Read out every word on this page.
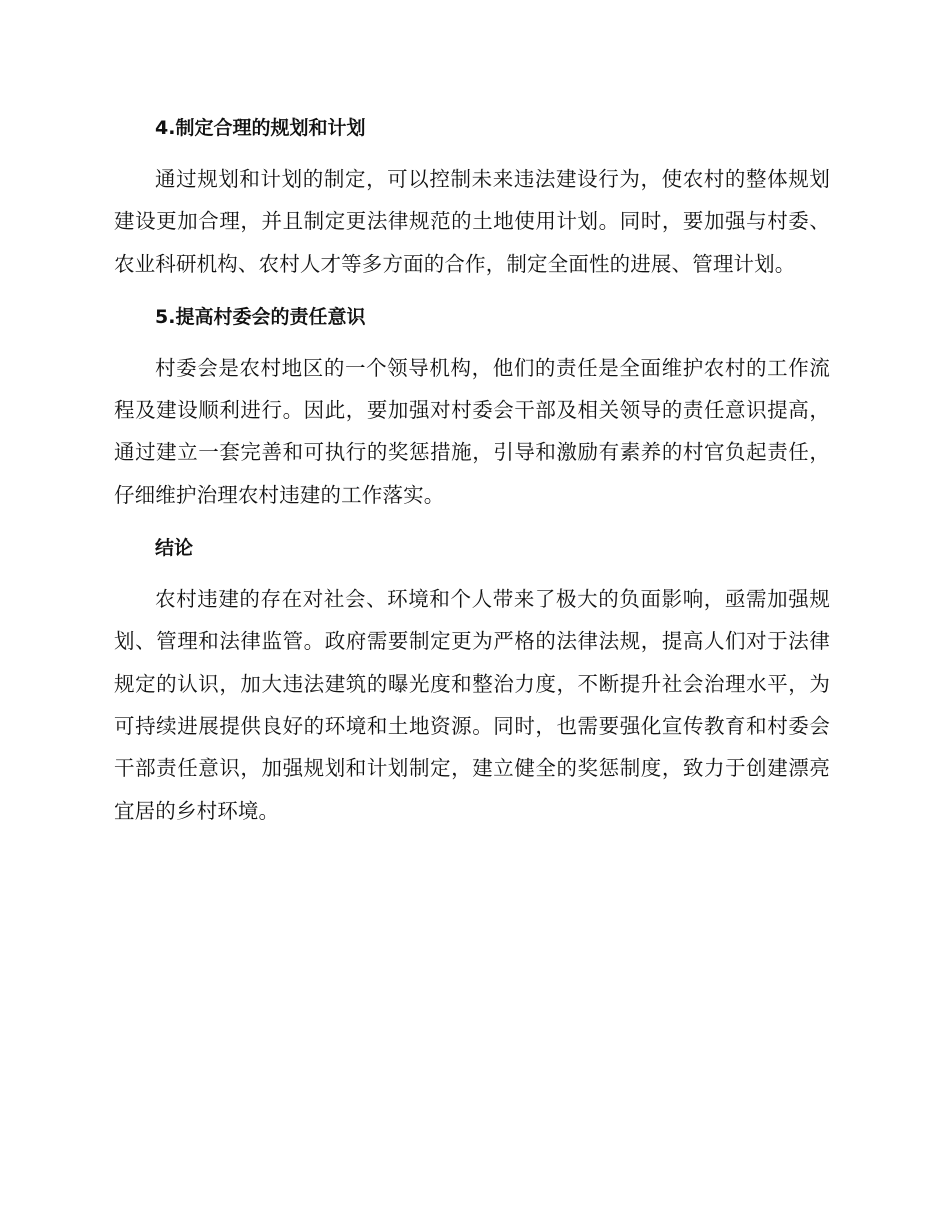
4.制定合理的规划和计划

通过规划和计划的制定，可以控制未来违法建设行为，使农村的整体规划建设更加合理，并且制定更法律规范的土地使用计划。同时，要加强与村委、农业科研机构、农村人才等多方面的合作，制定全面性的进展、管理计划。

5.提高村委会的责任意识

村委会是农村地区的一个领导机构，他们的责任是全面维护农村的工作流程及建设顺利进行。因此，要加强对村委会干部及相关领导的责任意识提高，通过建立一套完善和可执行的奖惩措施，引导和激励有素养的村官负起责任，仔细维护治理农村违建的工作落实。

结论

农村违建的存在对社会、环境和个人带来了极大的负面影响，亟需加强规划、管理和法律监管。政府需要制定更为严格的法律法规，提高人们对于法律规定的认识，加大违法建筑的曝光度和整治力度，不断提升社会治理水平，为可持续进展提供良好的环境和土地资源。同时，也需要强化宣传教育和村委会干部责任意识，加强规划和计划制定，建立健全的奖惩制度，致力于创建漂亮宜居的乡村环境。
